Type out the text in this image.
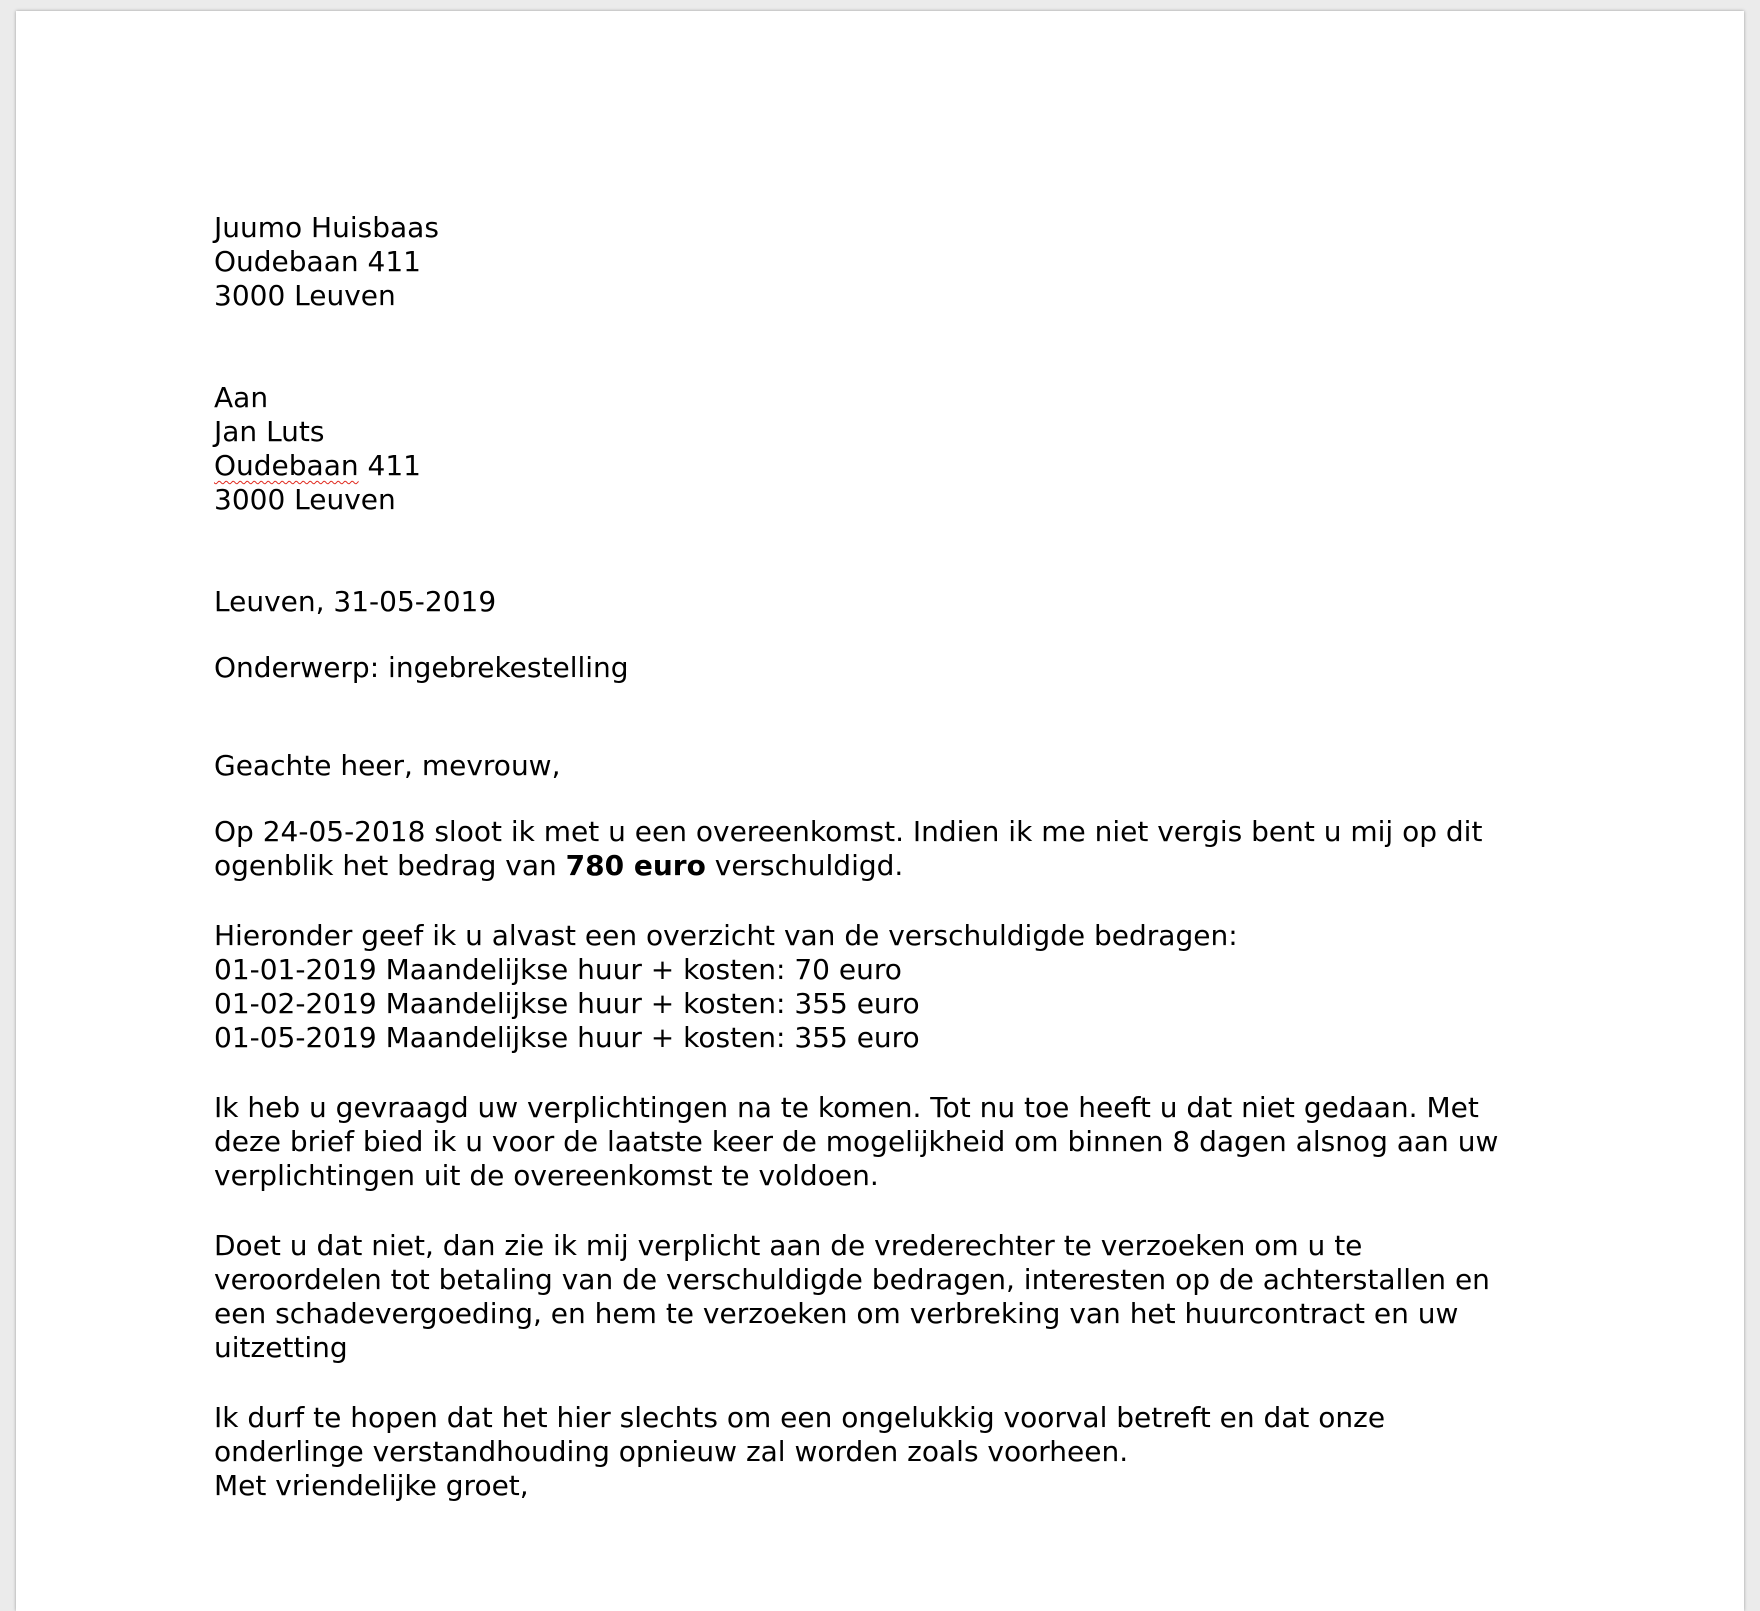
Juumo Huisbaas
Oudebaan 411
3000 Leuven
Aan
Jan Luts
Oudebaan 411
3000 Leuven
Leuven, 31-05-2019
Onderwerp: ingebrekestelling
Geachte heer, mevrouw,
Op 24-05-2018 sloot ik met u een overeenkomst. Indien ik me niet vergis bent u mij op dit
ogenblik het bedrag van 780 euro verschuldigd.
Hieronder geef ik u alvast een overzicht van de verschuldigde bedragen:
01-01-2019 Maandelijkse huur + kosten: 70 euro
01-02-2019 Maandelijkse huur + kosten: 355 euro
01-05-2019 Maandelijkse huur + kosten: 355 euro
Ik heb u gevraagd uw verplichtingen na te komen. Tot nu toe heeft u dat niet gedaan. Met
deze brief bied ik u voor de laatste keer de mogelijkheid om binnen 8 dagen alsnog aan uw
verplichtingen uit de overeenkomst te voldoen.
Doet u dat niet, dan zie ik mij verplicht aan de vrederechter te verzoeken om u te
veroordelen tot betaling van de verschuldigde bedragen, interesten op de achterstallen en
een schadevergoeding, en hem te verzoeken om verbreking van het huurcontract en uw
uitzetting
Ik durf te hopen dat het hier slechts om een ongelukkig voorval betreft en dat onze
onderlinge verstandhouding opnieuw zal worden zoals voorheen.
Met vriendelijke groet,
